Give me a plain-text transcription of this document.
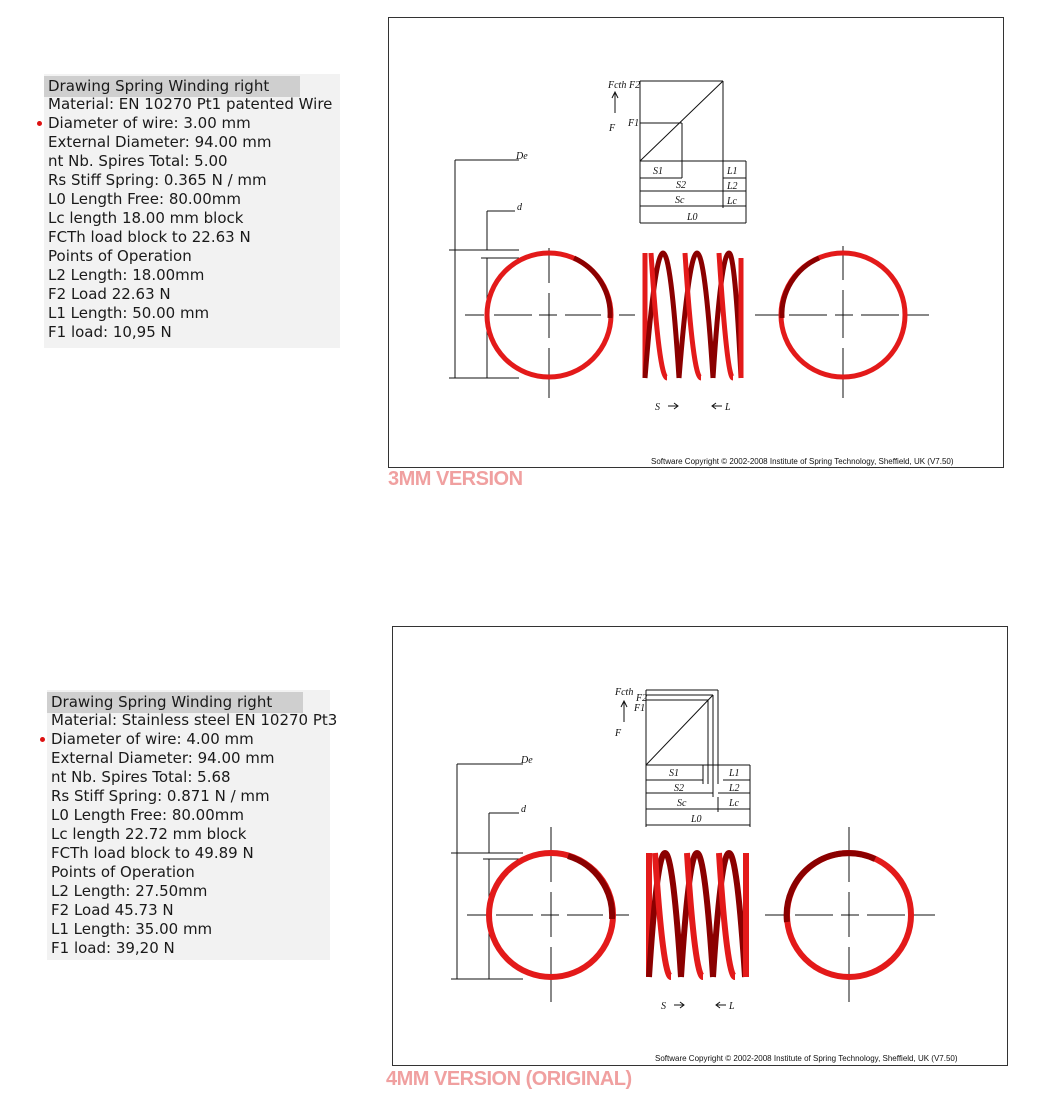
Drawing Spring Winding right
Material: EN 10270 Pt1 patented Wire
Diameter of wire: 3.00 mm
External Diameter: 94.00 mm
nt Nb. Spires Total: 5.00
Rs Stiff Spring: 0.365 N / mm
L0 Length Free: 80.00mm
Lc length 18.00 mm block
FCTh load block to 22.63 N
Points of Operation
L2 Length: 18.00mm
F2 Load 22.63 N
L1 Length: 50.00 mm
F1 load: 10,95 N
Fcth F2
F1
F
De
d
S1
S2
Sc
L0
L1
L2
Lc
S	L
Software Copyright © 2002-2008 Institute of Spring Technology, Sheffield, UK (V7.50)
3MM VERSION
Drawing Spring Winding right
Material: Stainless steel EN 10270 Pt3
Diameter of wire: 4.00 mm
External Diameter: 94.00 mm
nt Nb. Spires Total: 5.68
Rs Stiff Spring: 0.871 N / mm
L0 Length Free: 80.00mm
Lc length 22.72 mm block
FCTh load block to 49.89 N
Points of Operation
L2 Length: 27.50mm
F2 Load 45.73 N
L1 Length: 35.00 mm
F1 load: 39,20 N
Fcth
F2
F1
F
De
d
S1
S2
Sc
L0
L1
L2
Lc
S	L
Software Copyright © 2002-2008 Institute of Spring Technology, Sheffield, UK (V7.50)
4MM VERSION (ORIGINAL)
